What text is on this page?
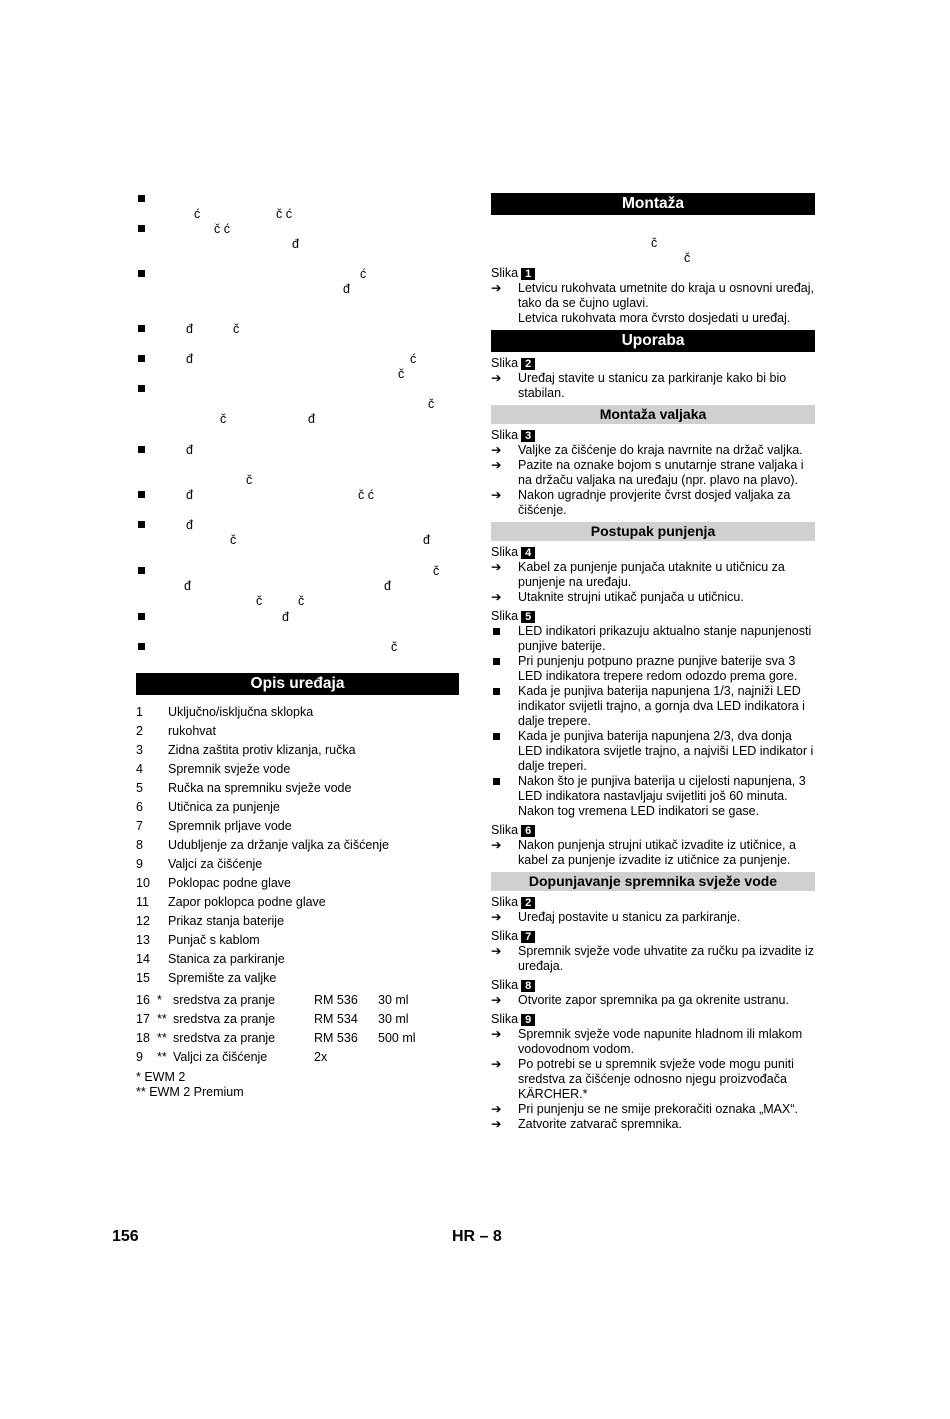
ć	č ć
č ć
đ
ć
đ
đ	č
đ	ć
č
č
č	đ
đ
č
đ	č ć
đ
č	đ
č
đ	đ
č	č
đ
č
Opis uređaja
1 Uključno/isključna sklopka
2 rukohvat
3 Zidna zaštita protiv klizanja, ručka
4 Spremnik svježe vode
5 Ručka na spremniku svježe vode
6 Utičnica za punjenje
7 Spremnik prljave vode
8 Udubljenje za držanje valjka za čišćenje
9 Valjci za čišćenje
10 Poklopac podne glave
11 Zapor poklopca podne glave
12 Prikaz stanja baterije
13 Punjač s kablom
14 Stanica za parkiranje
15 Spremište za valjke
16 * sredstva za pranje	RM 536 30 ml
17 ** sredstva za pranje	RM 534 30 ml
18 ** sredstva za pranje	RM 536 500 ml
9 ** Valjci za čišćenje	2x
* EWM 2
** EWM 2 Premium
Montaža
č
č
Slika 1
➔ Letvicu rukohvata umetnite do kraja u osnovni uređaj, tako da se čujno uglavi.
Letvica rukohvata mora čvrsto dosjedati u uređaj.
Uporaba
Slika 2
➔ Uređaj stavite u stanicu za parkiranje kako bi bio stabilan.
Montaža valjaka
Slika 3
➔ Valjke za čišćenje do kraja navrnite na držač valjka.
➔ Pazite na oznake bojom s unutarnje strane valjaka i na držaču valjaka na uređaju (npr. plavo na plavo).
➔ Nakon ugradnje provjerite čvrst dosjed valjaka za čišćenje.
Postupak punjenja
Slika 4
➔ Kabel za punjenje punjača utaknite u utičnicu za punjenje na uređaju.
➔ Utaknite strujni utikač punjača u utičnicu.
Slika 5
LED indikatori prikazuju aktualno stanje napunjenosti punjive baterije.
Pri punjenju potpuno prazne punjive baterije sva 3 LED indikatora trepere redom odozdo prema gore.
Kada je punjiva baterija napunjena 1/3, najniži LED indikator svijetli trajno, a gornja dva LED indikatora i dalje trepere.
Kada je punjiva baterija napunjena 2/3, dva donja LED indikatora svijetle trajno, a najviši LED indikator i dalje treperi.
Nakon što je punjiva baterija u cijelosti napunjena, 3 LED indikatora nastavljaju svijetliti još 60 minuta. Nakon tog vremena LED indikatori se gase.
Slika 6
➔ Nakon punjenja strujni utikač izvadite iz utičnice, a kabel za punjenje izvadite iz utičnice za punjenje.
Dopunjavanje spremnika svježe vode
Slika 2
➔ Uređaj postavite u stanicu za parkiranje.
Slika 7
➔ Spremnik svježe vode uhvatite za ručku pa izvadite iz uređaja.
Slika 8
➔ Otvorite zapor spremnika pa ga okrenite ustranu.
Slika 9
➔ Spremnik svježe vode napunite hladnom ili mlakom vodovodnom vodom.
➔ Po potrebi se u spremnik svježe vode mogu puniti sredstva za čišćenje odnosno njegu proizvođača KÄRCHER.*
➔ Pri punjenju se ne smije prekoračiti oznaka „MAX“.
➔ Zatvorite zatvarač spremnika.
156	HR – 8
